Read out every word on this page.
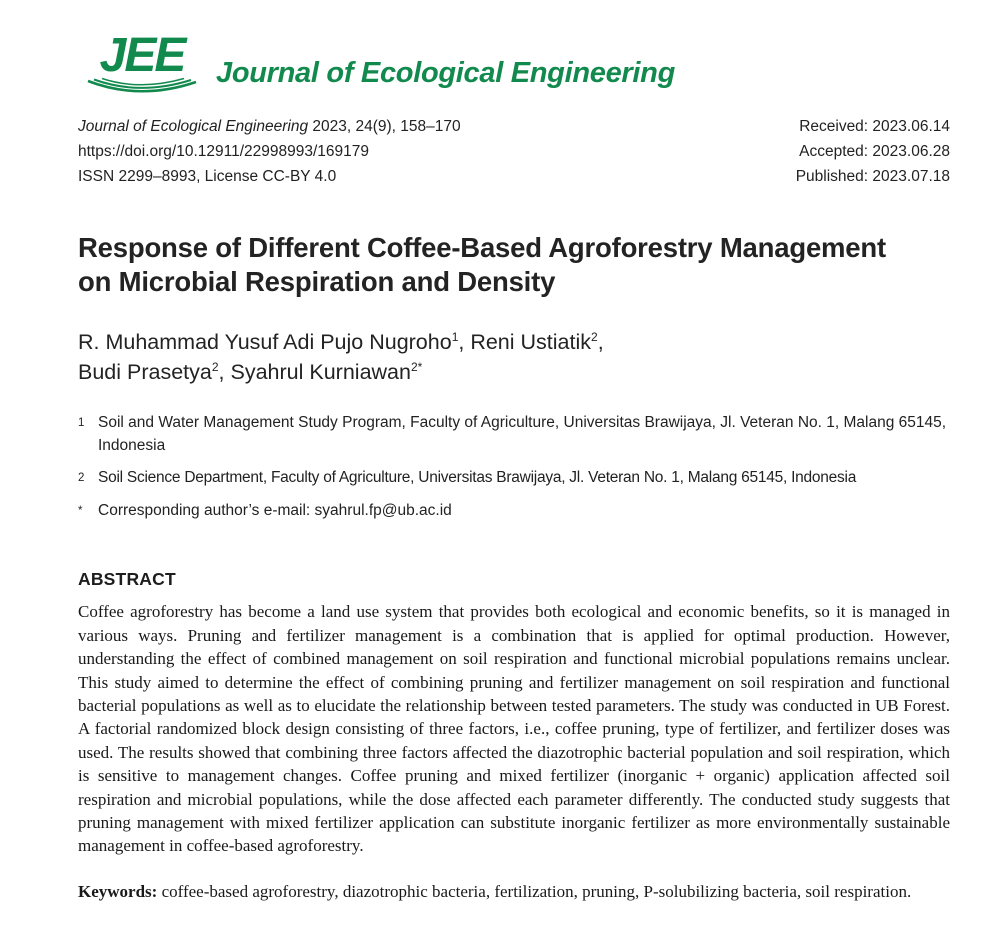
JEE Journal of Ecological Engineering
Journal of Ecological Engineering 2023, 24(9), 158–170
https://doi.org/10.12911/22998993/169179
ISSN 2299–8993, License CC-BY 4.0
Received: 2023.06.14
Accepted: 2023.06.28
Published: 2023.07.18
Response of Different Coffee-Based Agroforestry Management
on Microbial Respiration and Density
R. Muhammad Yusuf Adi Pujo Nugroho$^1$, Reni Ustiatik$^2$,
Budi Prasetya$^2$, Syahrul Kurniawan$^{2*}$
1 Soil and Water Management Study Program, Faculty of Agriculture, Universitas Brawijaya, Jl. Veteran No. 1, Malang 65145, Indonesia
2 Soil Science Department, Faculty of Agriculture, Universitas Brawijaya, Jl. Veteran No. 1, Malang 65145, Indonesia
*	Corresponding author’s e-mail: syahrul.fp@ub.ac.id
ABSTRACT

Coffee agroforestry has become a land use system that provides both ecological and economic benefits, so it is managed in various ways. Pruning and fertilizer management is a combination that is applied for optimal production. However, understanding the effect of combined management on soil respiration and functional microbial populations remains unclear. This study aimed to determine the effect of combining pruning and fertilizer management on soil respiration and functional bacterial populations as well as to elucidate the relationship between tested parameters. The study was conducted in UB Forest. A factorial randomized block design consisting of three factors, i.e., coffee pruning, type of fertilizer, and fertilizer doses was used. The results showed that combining three factors affected the diazotrophic bacterial population and soil respiration, which is sensitive to management changes. Coffee pruning and mixed fertilizer (inorganic + organic) application affected soil respiration and microbial populations, while the dose affected each parameter differently. The conducted study suggests that pruning management with mixed fertilizer application can substitute inorganic fertilizer as more environmentally sustainable management in coffee-based agroforestry.

Keywords: coffee-based agroforestry, diazotrophic bacteria, fertilization, pruning, P-solubilizing bacteria, soil respiration.
